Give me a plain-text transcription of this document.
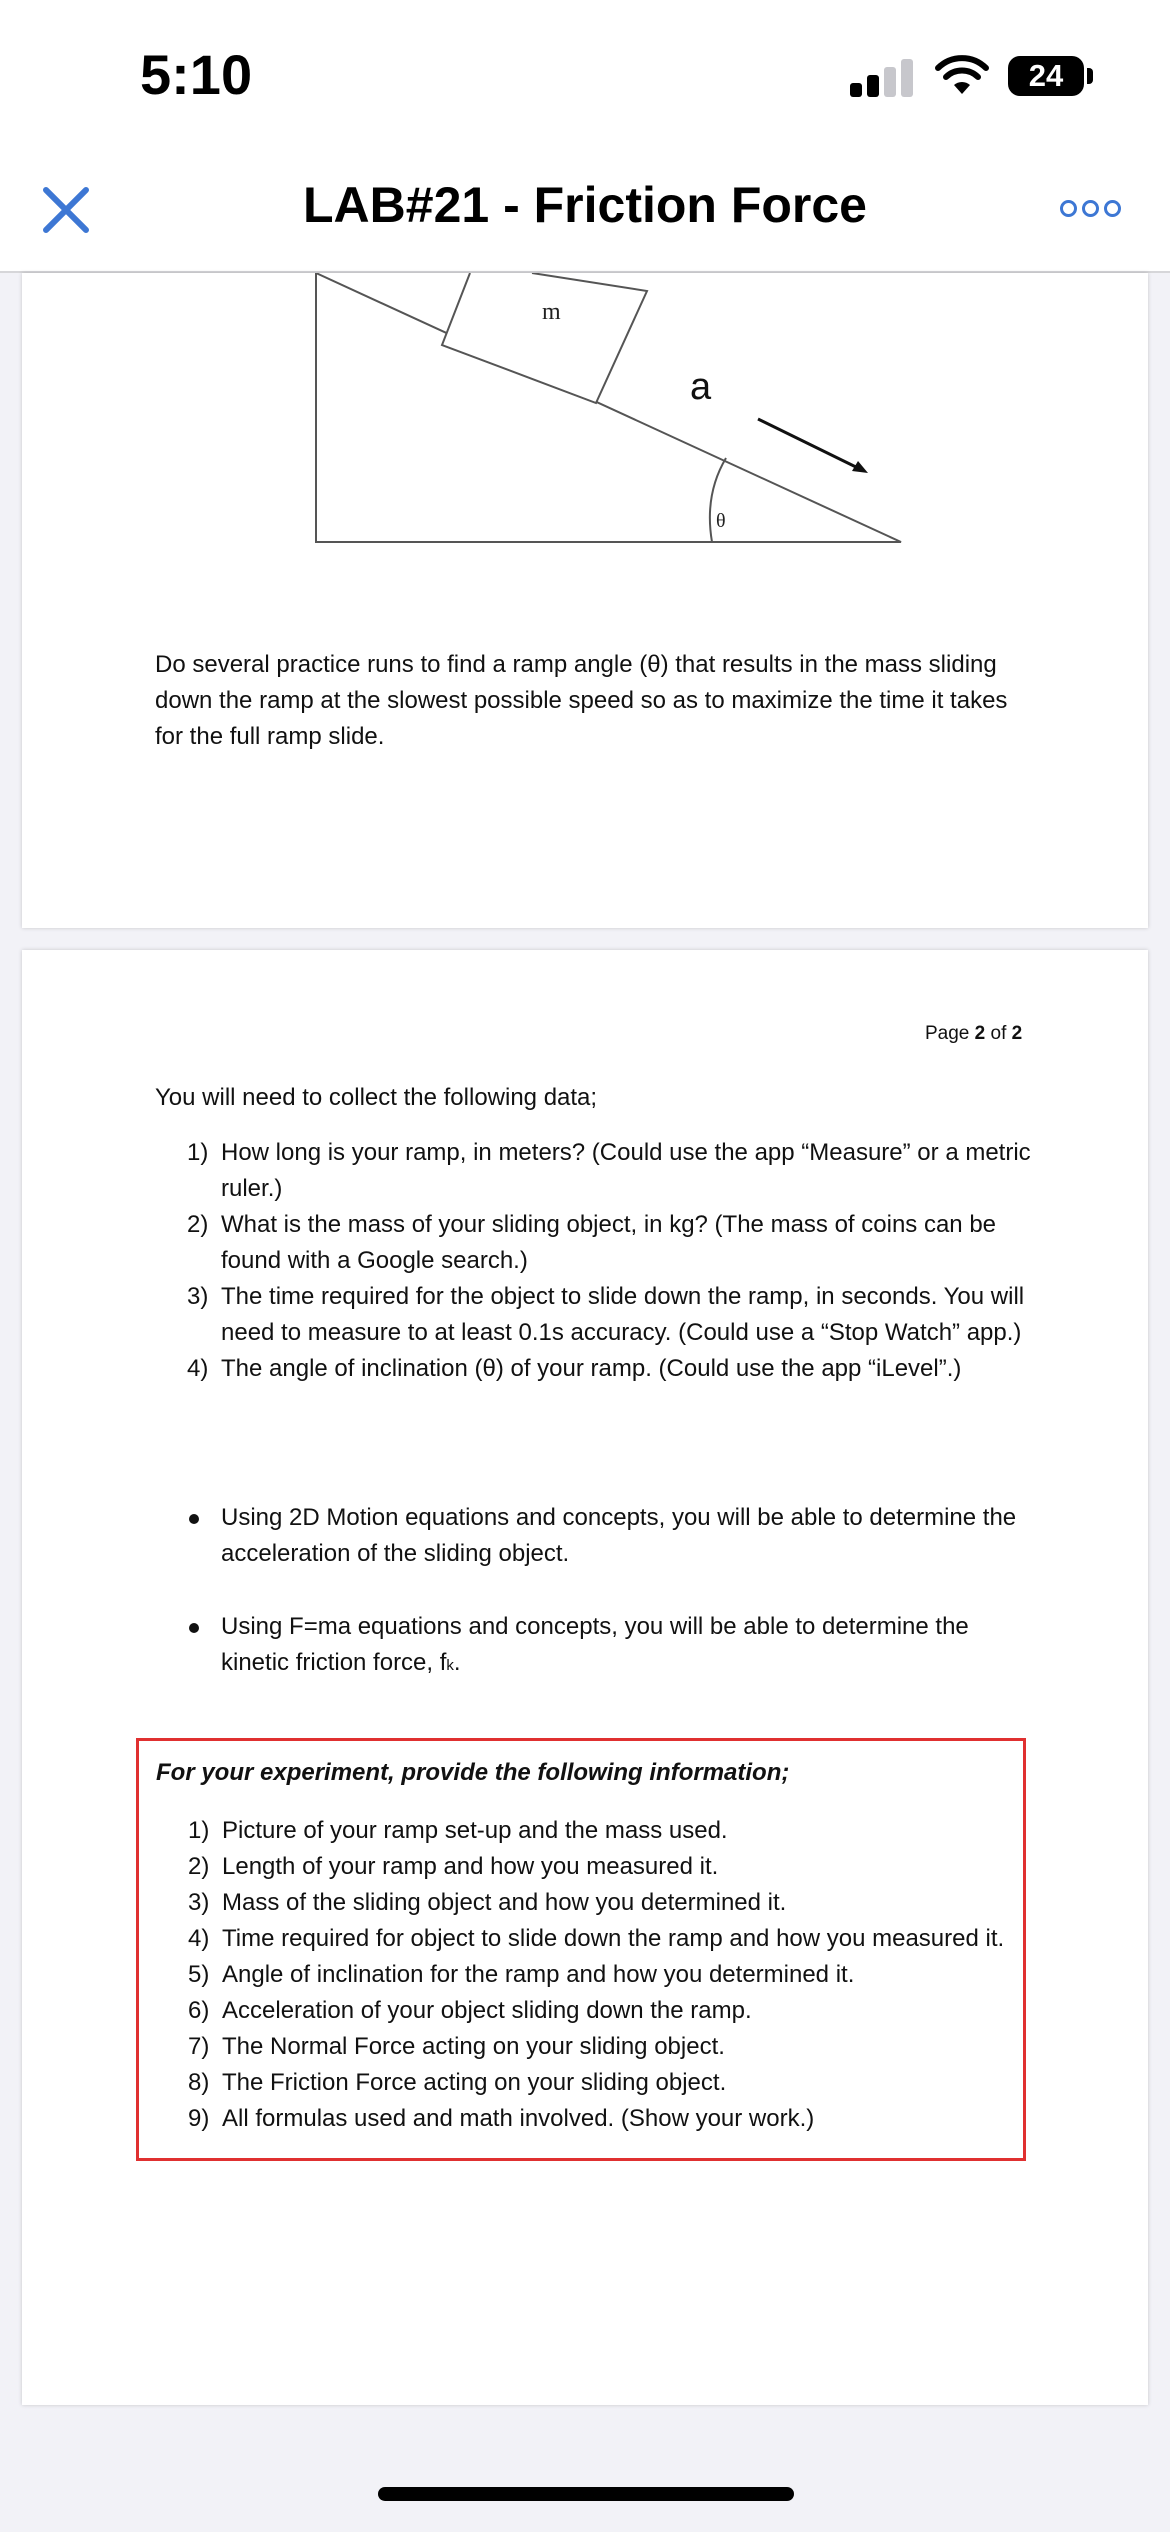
5:10	24
LAB#21 - Friction Force
m
a
θ

Do several practice runs to find a ramp angle (θ) that results in the mass sliding down the ramp at the slowest possible speed so as to maximize the time it takes for the full ramp slide.

Page 2 of 2

You will need to collect the following data;

1) How long is your ramp, in meters? (Could use the app “Measure” or a metric ruler.)
2) What is the mass of your sliding object, in kg? (The mass of coins can be found with a Google search.)
3) The time required for the object to slide down the ramp, in seconds. You will need to measure to at least 0.1s accuracy. (Could use a “Stop Watch” app.)
4) The angle of inclination (θ) of your ramp. (Could use the app “iLevel”.)
Using 2D Motion equations and concepts, you will be able to determine the acceleration of the sliding object.
Using F=ma equations and concepts, you will be able to determine the kinetic friction force, fk.
For your experiment, provide the following information;
1) Picture of your ramp set-up and the mass used.
2) Length of your ramp and how you measured it.
3) Mass of the sliding object and how you determined it.
4) Time required for object to slide down the ramp and how you measured it.
5) Angle of inclination for the ramp and how you determined it.
6) Acceleration of your object sliding down the ramp.
7) The Normal Force acting on your sliding object.
8) The Friction Force acting on your sliding object.
9) All formulas used and math involved. (Show your work.)
